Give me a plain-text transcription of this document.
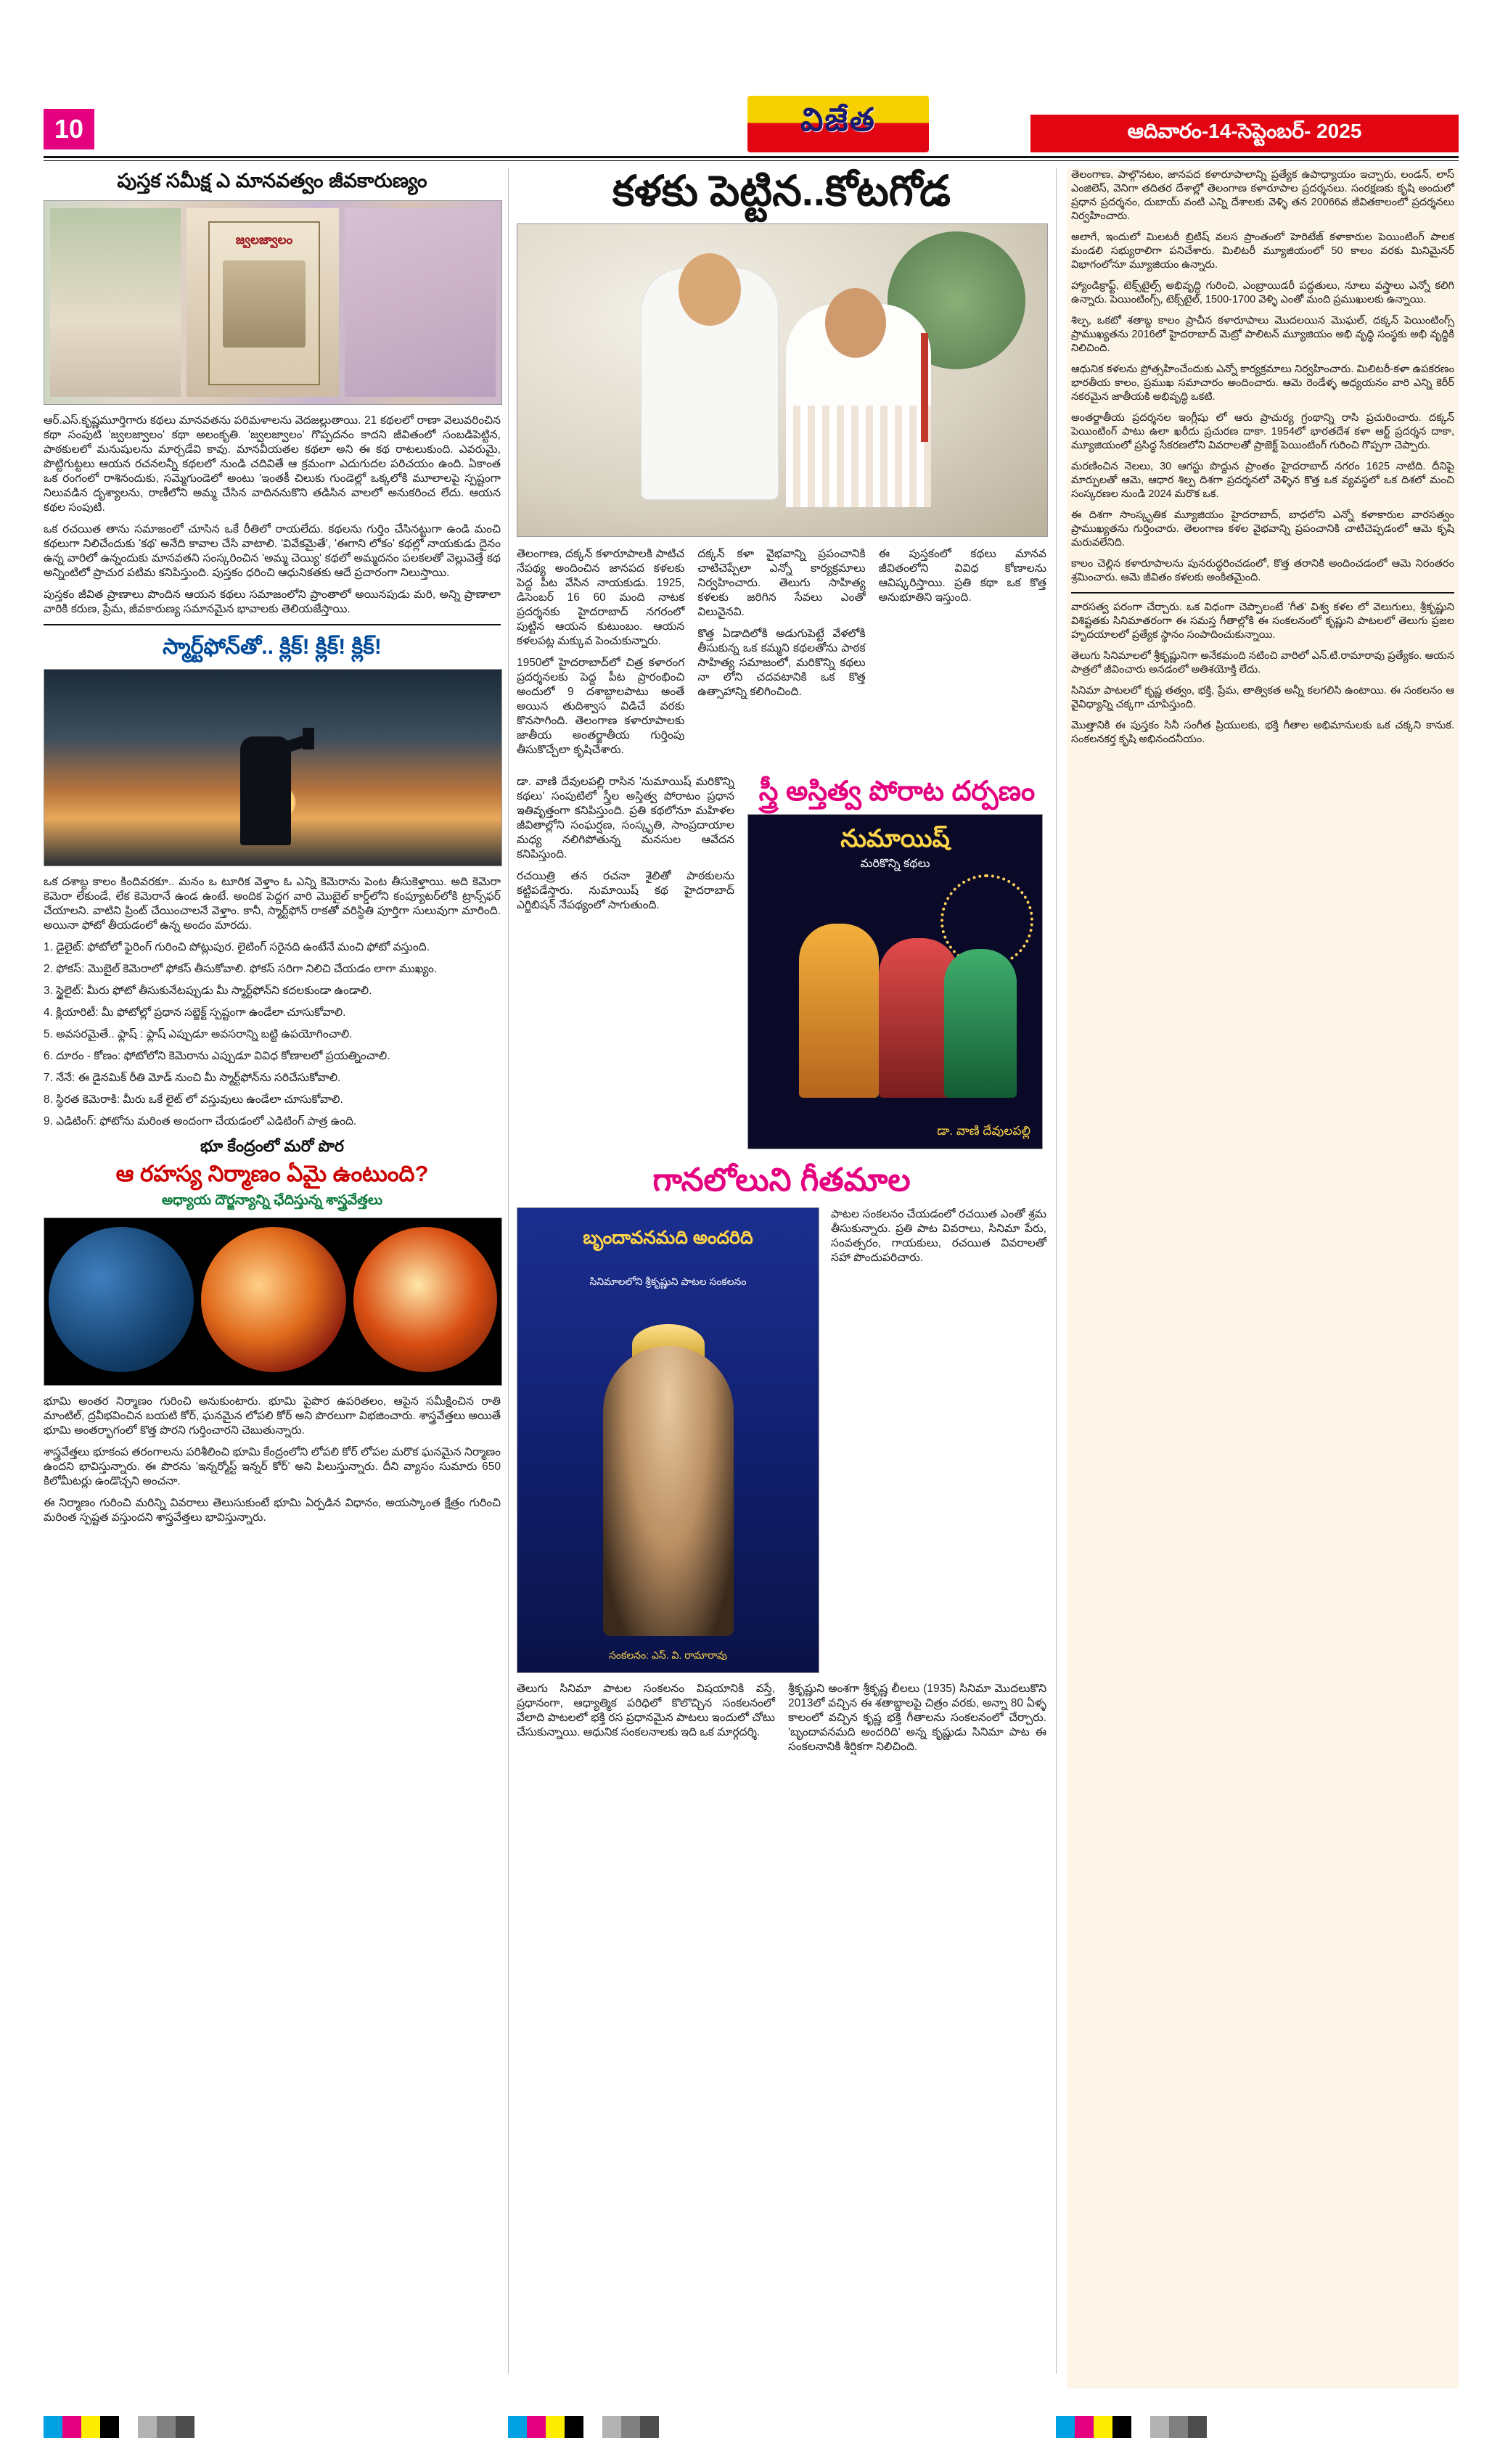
10	విజేత	ఆదివారం-14-సెప్టెంబర్- 2025
పుస్తక సమీక్ష ఎ మానవత్వం జీవకారుణ్యం
జ్వలజ్వాలం

ఆర్.ఎస్.కృష్ణమూర్తిగారు కథలు మానవతను పరిమళాలను వెదజల్లుతాయి. 21 కథలలో రాణా వెలువరించిన కథా సంపుటి 'జ్వలజ్వాలం' కథా అలంకృతి. 'జ్వలజ్వాలం' గొప్పదనం కాదని జీవితంలో సంబడిపెట్టిన, పాఠకులలో మనుషులను మార్చడేవి కావు. మానవీయతల కథలా అని ఈ కథ రాటలుకుంది. ఎవరుమై, పొట్టిగుట్టలు ఆయన రచనలన్నీ కథలలో నుండి చదివితే ఆ క్రమంగా ఎదుగుదల పరిచయం ఉంది. ఏకాంత ఒక రంగంలో రాశినందుకు, సమ్మెగుండెలో అంటు 'ఇంతకీ చిలుకు గుండెల్లో ఒక్కలోకి మూలాలపై స్పష్టంగా నిలువడిన దృశ్యాలను, రాణీలోని అమ్మ చేసిన వాదిననుకొని తడిసిన వాలలో అనుకరించ లేదు. ఆయన కథల సంపుటి.

ఒక రచయిత తాను సమాజంలో చూసిన ఒకే రీతిలో రాయలేదు. కథలను గుర్తిం చేసినట్టుగా ఉండి మంచి కథలుగా నిలిచేందుకు 'కథ' అనేది కావాల చేసి వాటాలి. 'వివేకమైతే', 'ఈగాని లోకం' కథల్లో నాయకుడు దైనం ఉన్న వారిలో ఉన్నందుకు మానవతని సంస్కరించిన 'అమ్మ చెయ్యి' కథలో అమ్మదనం పలకలతో వెల్లువెత్తే కథ అన్నింటిలో ప్రాచుర పటిమ కనిపిస్తుంది. పుస్తకం ధరించి ఆధునికతకు ఆదే ప్రచారంగా నిలుస్తాయి.

పుస్తకం జీవిత ప్రాణాలు పొందిన ఆయన కథలు సమాజంలోని ప్రాంతాలో అయినపుడు మరి, అన్ని ప్రాణాలా వారికి కరుణ, ప్రేమ, జీవకారుణ్య సమానమైన భావాలకు తెలియజేస్తాయి.

స్మార్ట్‌ఫోన్‌తో.. క్లిక్! క్లిక్! క్లిక్!

ఒక దశాబ్ద కాలం కిందివరకూ.. మనం ఒ టూరిక వెళ్తాం ఓ ఎన్ని కెమెరాను పెంట తీసుకెళ్తాయి. అది కెమెరా కెమెరా లేకుండే, లేక కెమెరానే ఉండ ఉంటే. అందిక పెద్దగ వారి మొబైల్ కార్డ్‌లోని కంప్యూటర్‌లోకి ట్రాన్స్‌ఫర్ చేయాలని. వాటిని ప్రింట్ చేయించాలనే వెళ్తాం. కానీ, స్మార్ట్‌ఫోన్ రాకతో వరిస్థితి పూర్తిగా సులువుగా మారింది. అయినా ఫోటో తీయడంలో ఉన్న అందం మారదు.

1. డైలైట్: ఫోటోలో ఫైరింగ్ గురించి పోట్లుపుర. లైటింగ్ సరైనది ఉంటేనే మంచి ఫోటో వస్తుంది.

2. ఫోకస్: మొబైల్ కెమెరాలో ఫోకస్ తీసుకోవాలి. ఫోకస్ సరిగా నిలిచి చేయడం లాగా ముఖ్యం.

3. స్థైలైట్: మీరు ఫోటో తీసుకునేటప్పుడు మీ స్మార్ట్‌ఫోన్‌ని కదలకుండా ఉండాలి.

4. క్లియారిటీ: మీ ఫోటోల్లో ప్రధాన సబ్జెక్ట్ స్పష్టంగా ఉండేలా చూసుకోవాలి.

5. అవసరమైతే.. ఫ్లాష్ : ఫ్లాష్ ఎప్పుడూ అవసరాన్ని బట్టి ఉపయోగించాలి.

6. దూరం - కోణం: ఫోటోలోని కెమెరాను ఎప్పుడూ వివిధ కోణాలలో ప్రయత్నించాలి.

7. నేనే: ఈ డైనమిక్ రీతి మోడ్ నుంచి మీ స్మార్ట్‌ఫోన్‌ను సరిచేసుకోవాలి.

8. స్థిరత కెమెరాకి: మీరు ఒకే లైట్ లో వస్తువులు ఉండేలా చూసుకోవాలి.

9. ఎడిటింగ్: ఫోటోను మరింత అందంగా చేయడంలో ఎడిటింగ్ పాత్ర ఉంది.

భూ కేంద్రంలో మరో పొర
ఆ రహస్య నిర్మాణం ఏమై ఉంటుంది?
అధ్యాయ దౌర్జన్యాన్ని ఛేదిస్తున్న శాస్త్రవేత్తలు

భూమి అంతర నిర్మాణం గురించి అనుకుంటారు. భూమి పైపొర ఉపరితలం, ఆపైన సమీక్షించిన రాతి మాంటిల్, ద్రవీభవించిన బయటి కోర్, ఘనమైన లోపలి కోర్ అని పొరలుగా విభజించారు. శాస్త్రవేత్తలు అయితే భూమి అంతర్భాగంలో కొత్త పొరని గుర్తించారని చెబుతున్నారు.

శాస్త్రవేత్తలు భూకంప తరంగాలను పరిశీలించి భూమి కేంద్రంలోని లోపలి కోర్ లోపల మరొక ఘనమైన నిర్మాణం ఉందని భావిస్తున్నారు. ఈ పొరను 'ఇన్నర్మోస్ట్ ఇన్నర్ కోర్' అని పిలుస్తున్నారు. దీని వ్యాసం సుమారు 650 కిలోమీటర్లు ఉండొచ్చని అంచనా.

ఈ నిర్మాణం గురించి మరిన్ని వివరాలు తెలుసుకుంటే భూమి ఏర్పడిన విధానం, అయస్కాంత క్షేత్రం గురించి మరింత స్పష్టత వస్తుందని శాస్త్రవేత్తలు భావిస్తున్నారు.

కళకు పెట్టిన..కోటగోడ

తెలంగాణ, దక్కన్ కళారూపాలకి పాటిచ నేపథ్య అందించిన జానపద కళలకు పెద్ద పీట వేసిన నాయకుడు. 1925, డిసెంబర్ 16 60 మంది నాటక ప్రదర్శనకు హైదరాబాద్ నగరంలో పుట్టిన ఆయన కుటుంబం. ఆయన కళలపట్ల మక్కువ పెంచుకున్నారు.

1950లో హైదరాబాద్‌లో చిత్ర కళారంగ ప్రదర్శనలకు పెద్ద పీట ప్రారంభించి అందులో 9 దశాబ్దాలపాటు అంతే అయిన తుదిశ్వాస విడిచే వరకు కొనసాగింది. తెలంగాణ కళారూపాలకు జాతీయ అంతర్జాతీయ గుర్తింపు తీసుకొచ్చేలా కృషిచేశారు.

దక్కన్ కళా వైభవాన్ని ప్రపంచానికి చాటిచెప్పేలా ఎన్నో కార్యక్రమాలు నిర్వహించారు. తెలుగు సాహిత్య కళలకు జరిగిన సేవలు ఎంతో విలువైనవి.

కొత్త ఏడాదిలోకి అడుగుపెట్టే వేళలోకి తీసుకున్న ఒక కమ్మని కథలతోను పాఠక సాహిత్య సమాజంలో, మరికొన్ని కథలు నా లోని చదవటానికి ఒక కొత్త ఉత్సాహాన్ని కలిగించింది.

ఈ పుస్తకంలో కథలు మానవ జీవితంలోని వివిధ కోణాలను ఆవిష్కరిస్తాయి. ప్రతి కథా ఒక కొత్త అనుభూతిని ఇస్తుంది.

డా. వాణి దేవులపల్లి రాసిన 'నుమాయిష్ మరికొన్ని కథలు' సంపుటిలో స్త్రీల అస్తిత్వ పోరాటం ప్రధాన ఇతివృత్తంగా కనిపిస్తుంది. ప్రతి కథలోనూ మహిళల జీవితాల్లోని సంఘర్షణ, సంస్కృతి, సాంప్రదాయాల మధ్య నలిగిపోతున్న మనసుల ఆవేదన కనిపిస్తుంది.

రచయిత్రి తన రచనా శైలితో పాఠకులను కట్టిపడేస్తారు. నుమాయిష్ కథ హైదరాబాద్ ఎగ్జిబిషన్ నేపథ్యంలో సాగుతుంది.

స్త్రీ అస్తిత్వ పోరాట దర్పణం
నుమాయిష్
మరికొన్ని కథలు
డా. వాణి దేవులపల్లి
గానలోలుని గీతమాల
బృందావనమది అందరిది
సినిమాలలోని శ్రీకృష్ణుని పాటల సంకలనం
సంకలనం: ఎస్. వి. రామారావు

పాటల సంకలనం చేయడంలో రచయిత ఎంతో శ్రమ తీసుకున్నారు. ప్రతి పాట వివరాలు, సినిమా పేరు, సంవత్సరం, గాయకులు, రచయిత వివరాలతో సహా పొందుపరిచారు.

తెలుగు సినిమా పాటల సంకలనం విషయానికి వస్తే, ప్రధానంగా, ఆధ్యాత్మిక పరిధిలో కొలొచ్చిన సంకలనంలో వేలాది పాటలలో భక్తి రస ప్రధానమైన పాటలు ఇందులో చోటు చేసుకున్నాయి. ఆధునిక సంకలనాలకు ఇది ఒక మార్గదర్శి.

శ్రీకృష్ణుని అంశగా శ్రీకృష్ణ లీలలు (1935) సినిమా మొదలుకొని 2013లో వచ్చిన ఈ శతాబ్దాలపై చిత్రం వరకు, అన్నా 80 ఏళ్ళ కాలంలో వచ్చిన కృష్ణ భక్తి గీతాలను సంకలనంలో చేర్చారు. 'బృందావనమది అందరిది' అన్న కృష్ణుడు సినిమా పాట ఈ సంకలనానికి శీర్షికగా నిలిచింది.

తెలంగాణ, పాల్గొనటం, జానపద కళారూపాలాన్ని ప్రత్యేక ఉపాధ్యాయం ఇచ్చారు, లండన్, లాస్ ఎంజిలెస్, వెనిగా తదితర దేశాల్లో తెలంగాణ కళారూపాల ప్రదర్శనలు. సంరక్షణకు కృషి అందులో ప్రధాన ప్రదర్శనం, దుబాయ్ వంటి ఎన్ని దేశాలకు వెళ్ళి తన 20066వ జీవితకాలంలో ప్రదర్శనలు నిర్వహించారు.

అలాగే, ఇందులో మిలటరీ బ్రిటిష్ వలస ప్రాంతంలో హెరిటేజ్ కళాకారుల పెయింటింగ్ పాలక మండలి సభ్యురాలిగా పనిచేశారు. మిలిటరీ మ్యూజియంలో 50 కాలం వరకు మినిమైనర్ విభాగంలోనూ మ్యూజియం ఉన్నారు.

హ్యాండిక్రాఫ్ట్, టెక్స్‌టైల్స్ అభివృద్ధి గురించి, ఎంబ్రాయిడరీ పద్ధతులు, నూలు వస్త్రాలు ఎన్నో కలిగి ఉన్నారు. పెయింటింగ్స్, టెక్స్‌టైల్, 1500-1700 వెళ్ళి ఎంతో మంది ప్రముఖులకు ఉన్నాయి.

శిల్ప, ఒకటో శతాబ్ద కాలం ప్రాచీన కళారూపాలు మొదలయిన మొఘల్, దక్కన్ పెయింటింగ్స్ ప్రాముఖ్యతను 2016లో హైదరాబాద్ మెట్రో పాలిటన్ మ్యూజియం అభి వృద్ధి సంస్థకు అభి వృద్ధికి నిలిచింది.

ఆధునిక కళలను ప్రోత్సహించేందుకు ఎన్నో కార్యక్రమాలు నిర్వహించారు. మిలిటరీ-కళా ఉపకరణం భారతీయ కాలం, ప్రముఖ సమాచారం అందించారు. ఆమె రెండేళ్ళ అధ్యయనం వారి ఎన్ని కెరీర్ నకరమైన జాతీయకి అభివృద్ధి ఒకటి.

అంతర్జాతీయ ప్రదర్శనల ఇంగ్లీషు లో ఆరు ప్రాచుర్య గ్రంథాన్ని రాసి ప్రచురించారు. దక్కన్ పెయింటింగ్ పాటు ఉలా ఖరీదు ప్రచురణ దాకా. 1954లో భారతదేశ కళా ఆర్ట్ ప్రదర్శన దాకా, మ్యూజియంలో ప్రసిద్ధ సేకరణలోని వివరాలతో ప్రాజెక్ట్ పెయింటింగ్ గురించి గొప్పగా చెప్పారు.

మరణించిన నెలలు, 30 ఆగస్టు పొద్దున ప్రాంతం హైదరాబాద్ నగరం 1625 నాటిది. దీనిపై మార్పులతో ఆమె, ఆధార శిల్ప దిశగా ప్రదర్శనలో వెళ్ళిన కొత్త ఒక వ్యవస్థలో ఒక దిశలో మంచి సంస్కరణల నుండి 2024 మరొక ఒక.

ఈ దిశగా సాంస్కృతిక మ్యూజియం హైదరాబాద్, బాధలోని ఎన్నో కళాకారుల వారసత్వం ప్రాముఖ్యతను గుర్తించారు. తెలంగాణ కళల వైభవాన్ని ప్రపంచానికి చాటిచెప్పడంలో ఆమె కృషి మరువలేనిది.

కాలం చెల్లిన కళారూపాలను పునరుద్ధరించడంలో, కొత్త తరానికి అందించడంలో ఆమె నిరంతరం శ్రమించారు. ఆమె జీవితం కళలకు అంకితమైంది.

వారసత్వ పరంగా చేర్చారు. ఒక విధంగా చెప్పాలంటే 'గీత' విశ్వ కళల లో వెలుగులు, శ్రీకృష్ణుని విశిష్టతకు సినిమాతరంగా ఈ సమస్త గీతాల్లోకి ఈ సంకలనంలో కృష్ణుని పాటలలో తెలుగు ప్రజల హృదయాలలో ప్రత్యేక స్థానం సంపాదించుకున్నాయి.

తెలుగు సినిమాలలో శ్రీకృష్ణునిగా అనేకమంది నటించి వారిలో ఎన్.టి.రామారావు ప్రత్యేకం. ఆయన పాత్రలో జీవించారు అనడంలో అతిశయోక్తి లేదు.

సినిమా పాటలలో కృష్ణ తత్వం, భక్తి, ప్రేమ, తాత్వికత అన్నీ కలగలిసి ఉంటాయి. ఈ సంకలనం ఆ వైవిధ్యాన్ని చక్కగా చూపిస్తుంది.

మొత్తానికి ఈ పుస్తకం సినీ సంగీత ప్రియులకు, భక్తి గీతాల అభిమానులకు ఒక చక్కని కానుక. సంకలనకర్త కృషి అభినందనీయం.
